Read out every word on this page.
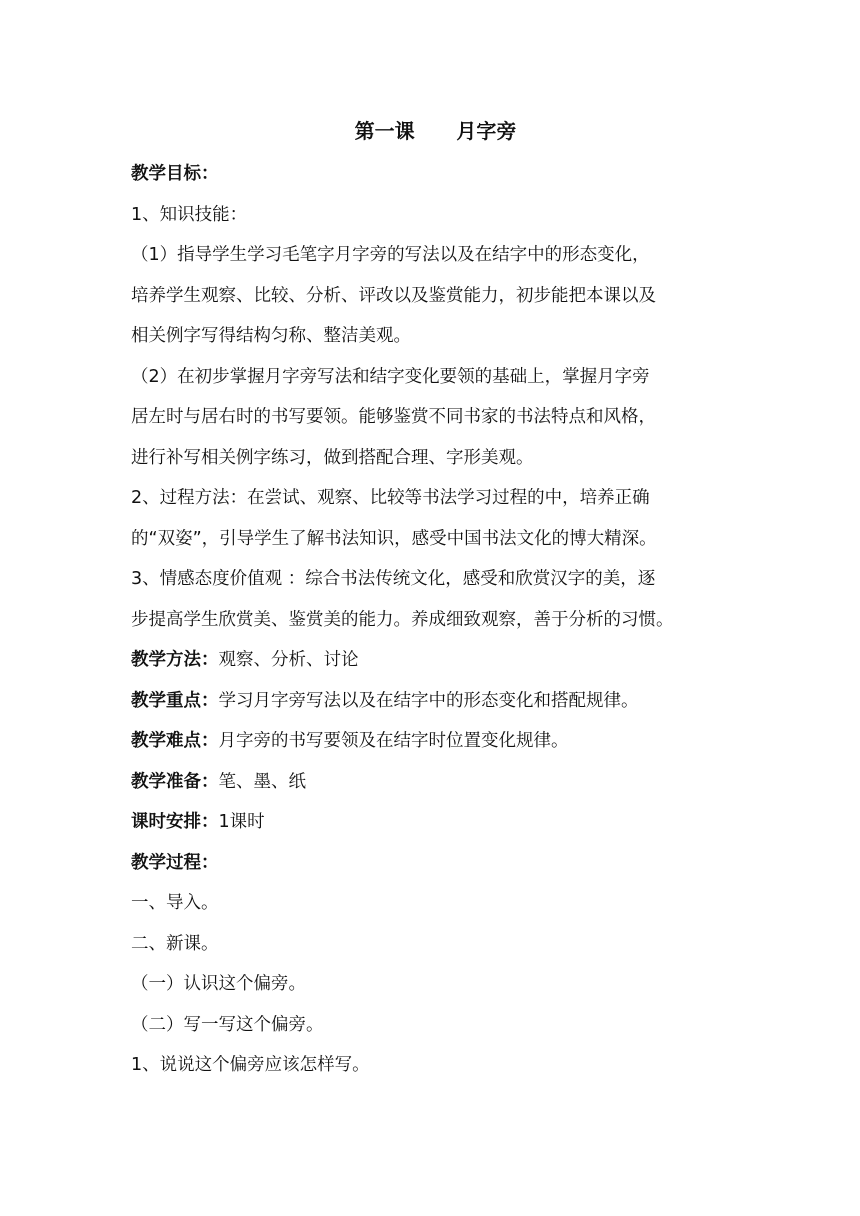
第一课      月字旁
教学目标：
1、知识技能：
（1）指导学生学习毛笔字月字旁的写法以及在结字中的形态变化，
培养学生观察、比较、分析、评改以及鉴赏能力，初步能把本课以及
相关例字写得结构匀称、整洁美观。
（2）在初步掌握月字旁写法和结字变化要领的基础上，掌握月字旁
居左时与居右时的书写要领。能够鉴赏不同书家的书法特点和风格，
进行补写相关例字练习，做到搭配合理、字形美观。
2、过程方法：在尝试、观察、比较等书法学习过程的中，培养正确
的“双姿”，引导学生了解书法知识，感受中国书法文化的博大精深。
3、情感态度价值观 ：综合书法传统文化，感受和欣赏汉字的美，逐
步提高学生欣赏美、鉴赏美的能力。养成细致观察，善于分析的习惯。
教学方法：观察、分析、讨论
教学重点：学习月字旁写法以及在结字中的形态变化和搭配规律。
教学难点：月字旁的书写要领及在结字时位置变化规律。
教学准备：笔、墨、纸
课时安排：1课时
教学过程：
一、导入。
二、新课。
（一）认识这个偏旁。
（二）写一写这个偏旁。
1、说说这个偏旁应该怎样写。
